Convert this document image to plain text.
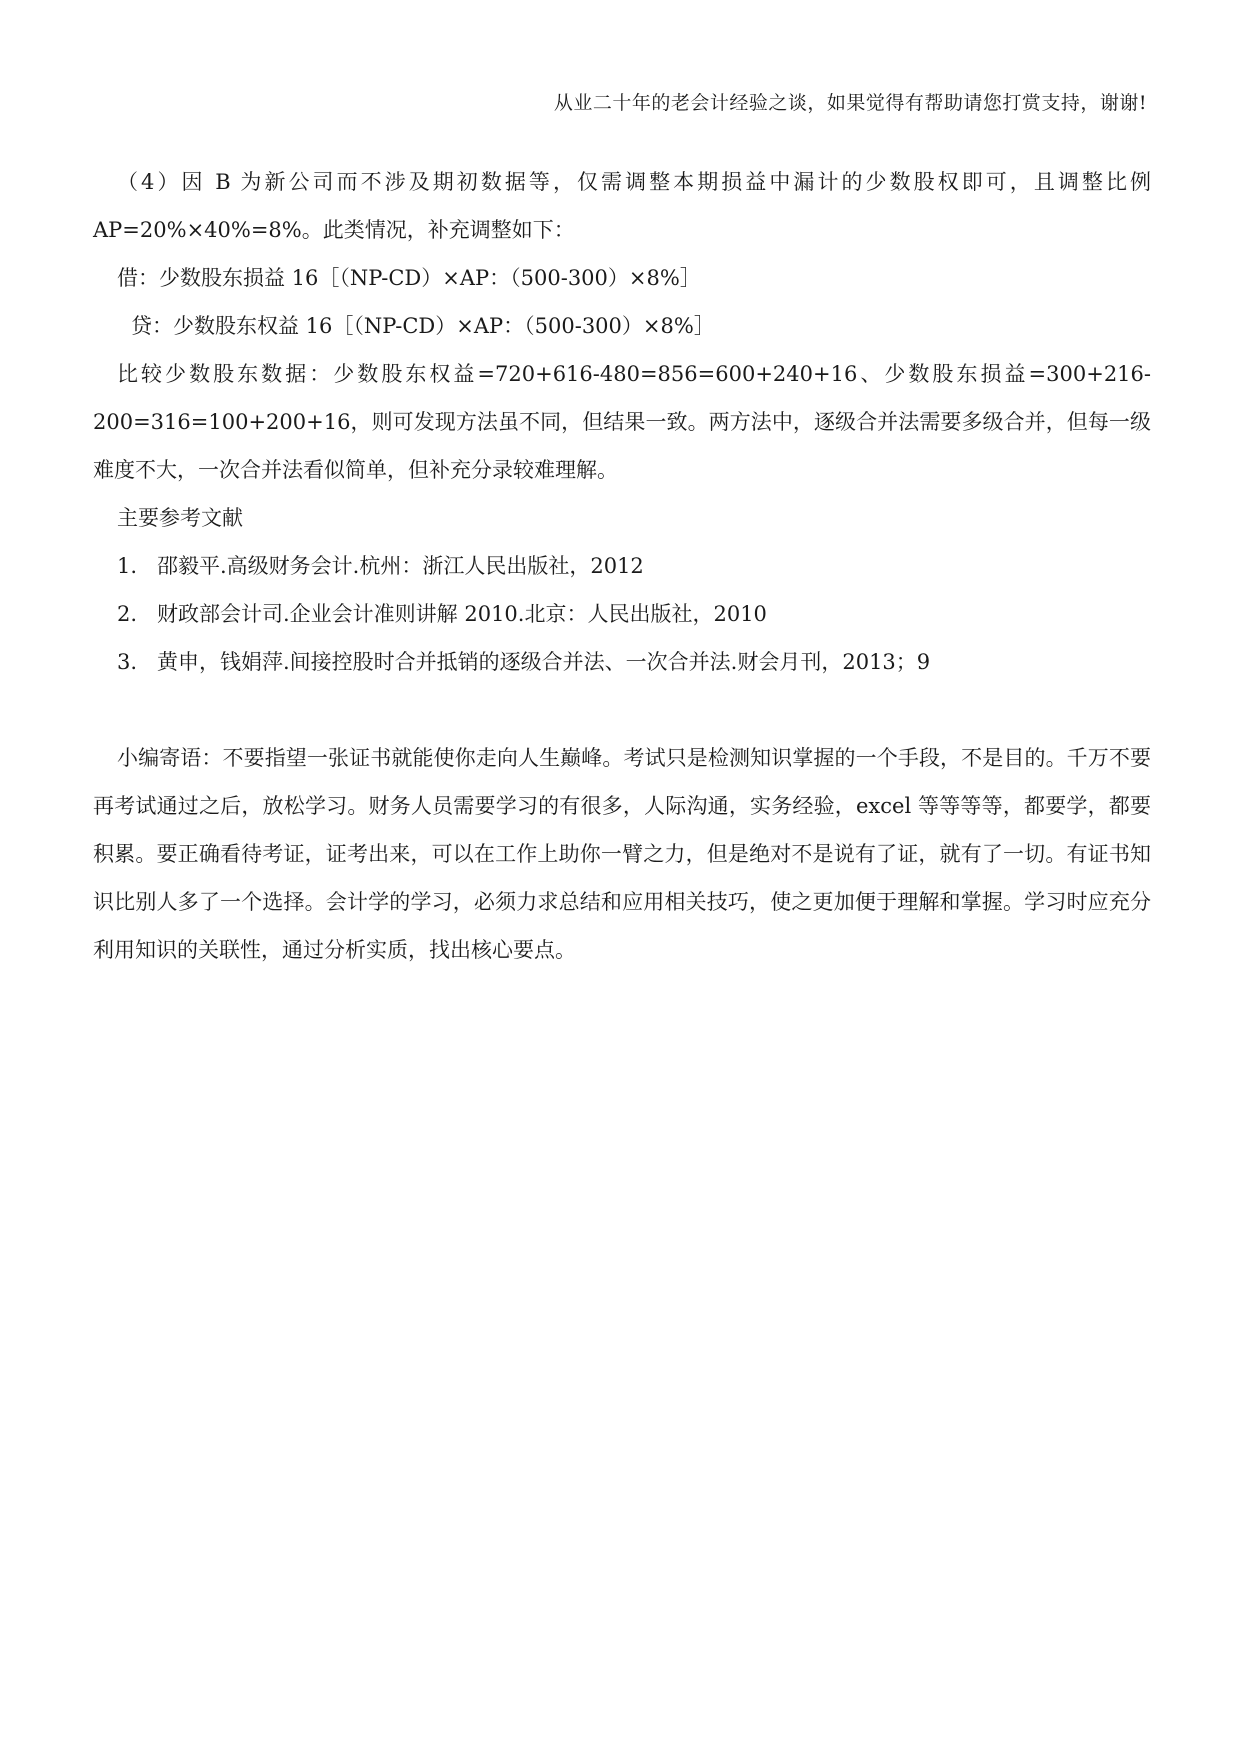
从业二十年的老会计经验之谈，如果觉得有帮助请您打赏支持，谢谢!

（4）因 B 为新公司而不涉及期初数据等，仅需调整本期损益中漏计的少数股权即可，且调整比例 AP=20%×40%=8%。此类情况，补充调整如下：

借：少数股东损益 16［（NP-CD）×AP：（500-300）×8%］

贷：少数股东权益 16［（NP-CD）×AP：（500-300）×8%］

比较少数股东数据：少数股东权益=720+616-480=856=600+240+16、少数股东损益=300+216-200=316=100+200+16，则可发现方法虽不同，但结果一致。两方法中，逐级合并法需要多级合并，但每一级难度不大，一次合并法看似简单，但补充分录较难理解。

主要参考文献

1. 邵毅平.高级财务会计.杭州：浙江人民出版社，2012
2. 财政部会计司.企业会计准则讲解 2010.北京：人民出版社，2010
3. 黄申，钱娟萍.间接控股时合并抵销的逐级合并法、一次合并法.财会月刊，2013；9

小编寄语：不要指望一张证书就能使你走向人生巅峰。考试只是检测知识掌握的一个手段，不是目的。千万不要再考试通过之后，放松学习。财务人员需要学习的有很多，人际沟通，实务经验，excel 等等等等，都要学，都要积累。要正确看待考证，证考出来，可以在工作上助你一臂之力，但是绝对不是说有了证，就有了一切。有证书知识比别人多了一个选择。会计学的学习，必须力求总结和应用相关技巧，使之更加便于理解和掌握。学习时应充分利用知识的关联性，通过分析实质，找出核心要点。
